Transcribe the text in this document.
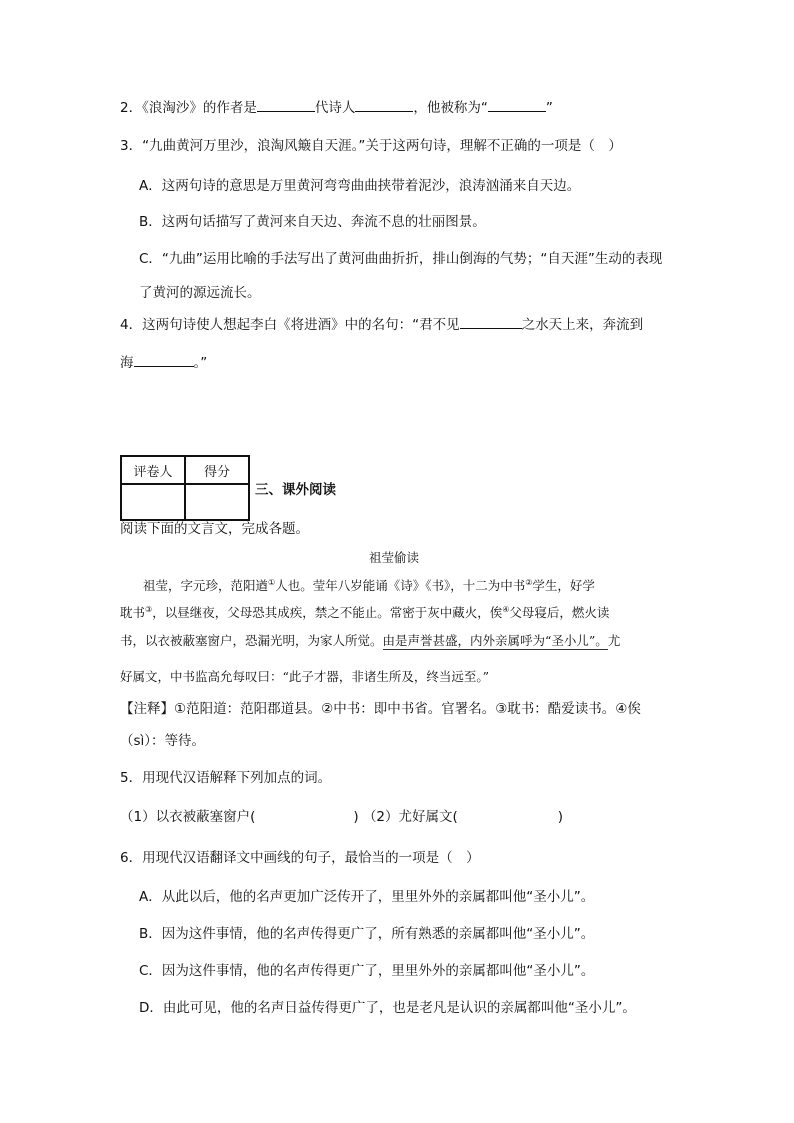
2．《浪淘沙》的作者是	代诗人	，他被称为“	”
3．“九曲黄河万里沙，浪淘风簸自天涯。”关于这两句诗，理解不正确的一项是（　）
A．这两句诗的意思是万里黄河弯弯曲曲挟带着泥沙，浪涛汹涌来自天边。
B．这两句话描写了黄河来自天边、奔流不息的壮丽图景。
C．“九曲”运用比喻的手法写出了黄河曲曲折折，排山倒海的气势；“自天涯”生动的表现
了黄河的源远流长。
4．这两句诗使人想起李白《将进酒》中的名句：“君不见	之水天上来，奔流到
海	。”
评卷人	得分

三、课外阅读
阅读下面的文言文，完成各题。
祖莹偷读
祖莹，字元珍，范阳遒①人也。莹年八岁能诵《诗》《书》，十二为中书②学生，好学
耽书③，以昼继夜，父母恐其成疾，禁之不能止。常密于灰中藏火，俟④父母寝后，燃火读
书，以衣被蔽塞窗户，恐漏光明，为家人所觉。由是声誉甚盛，内外亲属呼为“圣小儿”。尤
好属文，中书监高允每叹曰：“此子才器，非诸生所及，终当远至。”
【注释】①范阳道：范阳郡道县。②中书：即中书省。官署名。③耽书：酷爱读书。④俟
（sì）：等待。
5．用现代汉语解释下列加点的词。
（1）以衣被蔽塞窗户(	) （2）尤好属文(	)
6．用现代汉语翻译文中画线的句子，最恰当的一项是（　）
A．从此以后，他的名声更加广泛传开了，里里外外的亲属都叫他“圣小儿”。
B．因为这件事情，他的名声传得更广了，所有熟悉的亲属都叫他“圣小儿”。
C．因为这件事情，他的名声传得更广了，里里外外的亲属都叫他“圣小儿”。
D．由此可见，他的名声日益传得更广了，也是老凡是认识的亲属都叫他“圣小儿”。
